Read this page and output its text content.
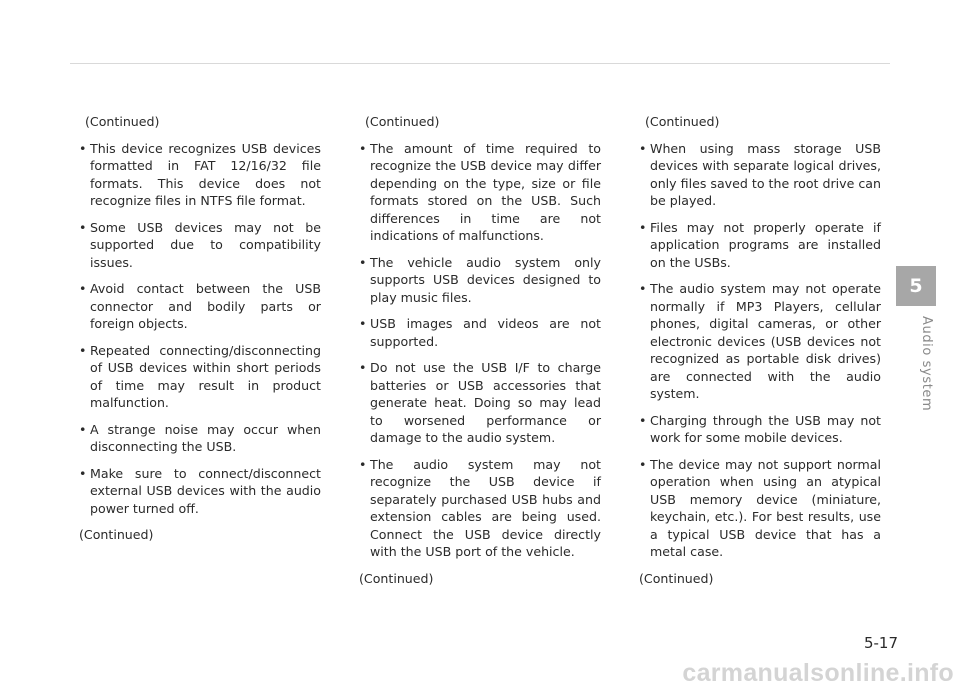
(Continued)

• This device recognizes USB devices formatted in FAT 12/16/32 file formats. This device does not recognize files in NTFS file format.
• Some USB devices may not be supported due to compatibility issues.
• Avoid contact between the USB connector and bodily parts or foreign objects.
• Repeated connecting/disconnecting of USB devices within short periods of time may result in product malfunction.
• A strange noise may occur when disconnecting the USB.
• Make sure to connect/disconnect external USB devices with the audio power turned off.

(Continued)

(Continued)

• The amount of time required to recognize the USB device may differ depending on the type, size or file formats stored on the USB. Such differences in time are not indications of malfunctions.
• The vehicle audio system only supports USB devices designed to play music files.
• USB images and videos are not supported.
• Do not use the USB I/F to charge batteries or USB accessories that generate heat. Doing so may lead to worsened performance or damage to the audio system.
• The audio system may not recognize the USB device if separately purchased USB hubs and extension cables are being used. Connect the USB device directly with the USB port of the vehicle.

(Continued)

(Continued)

• When using mass storage USB devices with separate logical drives, only files saved to the root drive can be played.
• Files may not properly operate if application programs are installed on the USBs.
• The audio system may not operate normally if MP3 Players, cellular phones, digital cameras, or other electronic devices (USB devices not recognized as portable disk drives) are connected with the audio system.
• Charging through the USB may not work for some mobile devices.
• The device may not support normal operation when using an atypical USB memory device (miniature, keychain, etc.). For best results, use a typical USB device that has a metal case.

(Continued)

5
Audio system
5-17
carmanualsonline.info
